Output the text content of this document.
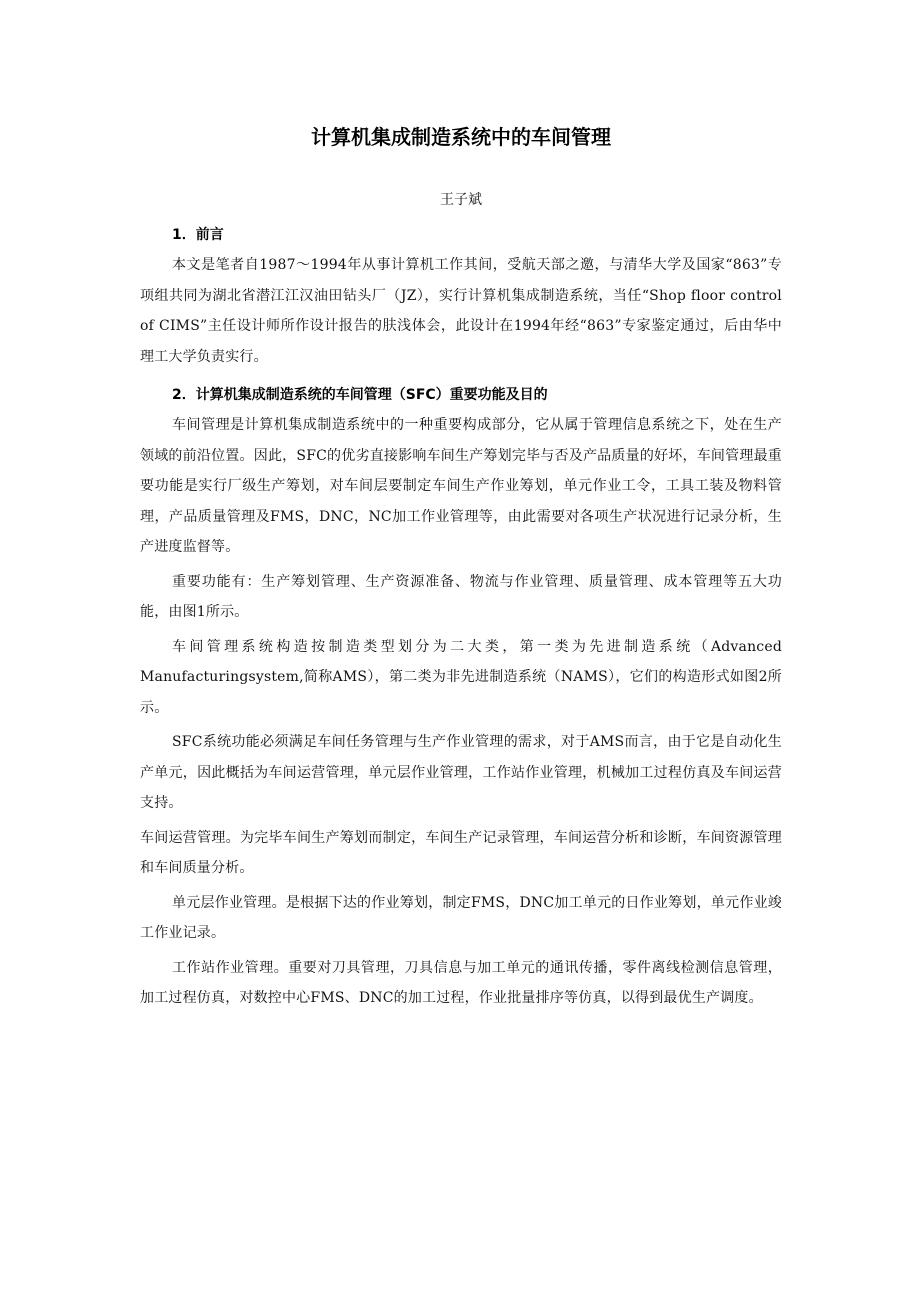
计算机集成制造系统中的车间管理
王子斌
1．前言

本文是笔者自1987～1994年从事计算机工作其间，受航天部之邀，与清华大学及国家“863”专项组共同为湖北省潜江江汉油田钻头厂（JZ），实行计算机集成制造系统，当任“Shop floor control of CIMS”主任设计师所作设计报告的肤浅体会，此设计在1994年经“863”专家鉴定通过，后由华中理工大学负责实行。

2．计算机集成制造系统的车间管理（SFC）重要功能及目的

车间管理是计算机集成制造系统中的一种重要构成部分，它从属于管理信息系统之下，处在生产领域的前沿位置。因此，SFC的优劣直接影响车间生产筹划完毕与否及产品质量的好坏，车间管理最重要功能是实行厂级生产筹划，对车间层要制定车间生产作业筹划，单元作业工令，工具工装及物料管理，产品质量管理及FMS，DNC，NC加工作业管理等，由此需要对各项生产状况进行记录分析，生产进度监督等。

重要功能有：生产筹划管理、生产资源准备、物流与作业管理、质量管理、成本管理等五大功能，由图1所示。

车间管理系统构造按制造类型划分为二大类，第一类为先进制造系统（Advanced Manufacturingsystem,简称AMS），第二类为非先进制造系统（NAMS），它们的构造形式如图2所示。

SFC系统功能必须满足车间任务管理与生产作业管理的需求，对于AMS而言，由于它是自动化生产单元，因此概括为车间运营管理，单元层作业管理，工作站作业管理，机械加工过程仿真及车间运营支持。

车间运营管理。为完毕车间生产筹划而制定，车间生产记录管理，车间运营分析和诊断，车间资源管理和车间质量分析。

单元层作业管理。是根据下达的作业筹划，制定FMS，DNC加工单元的日作业筹划，单元作业竣工作业记录。

工作站作业管理。重要对刀具管理，刀具信息与加工单元的通讯传播，零件离线检测信息管理，加工过程仿真，对数控中心FMS、DNC的加工过程，作业批量排序等仿真，以得到最优生产调度。
